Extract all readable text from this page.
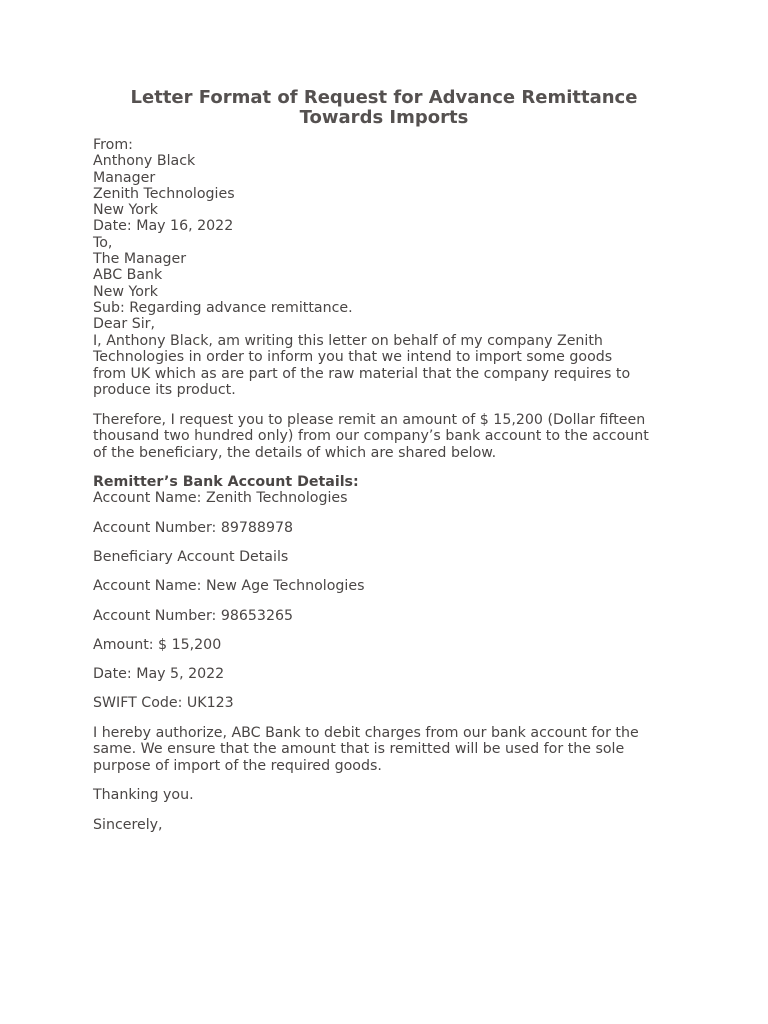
Letter Format of Request for Advance Remittance
Towards Imports
From:
Anthony Black
Manager
Zenith Technologies
New York
Date: May 16, 2022
To,
The Manager
ABC Bank
New York
Sub: Regarding advance remittance.
Dear Sir,
I, Anthony Black, am writing this letter on behalf of my company Zenith
Technologies in order to inform you that we intend to import some goods
from UK which as are part of the raw material that the company requires to
produce its product.
Therefore, I request you to please remit an amount of $ 15,200 (Dollar fifteen
thousand two hundred only) from our company’s bank account to the account
of the beneficiary, the details of which are shared below.
Remitter’s Bank Account Details:
Account Name: Zenith Technologies
Account Number: 89788978
Beneficiary Account Details
Account Name: New Age Technologies
Account Number: 98653265
Amount: $ 15,200
Date: May 5, 2022
SWIFT Code: UK123
I hereby authorize, ABC Bank to debit charges from our bank account for the
same. We ensure that the amount that is remitted will be used for the sole
purpose of import of the required goods.
Thanking you.
Sincerely,
